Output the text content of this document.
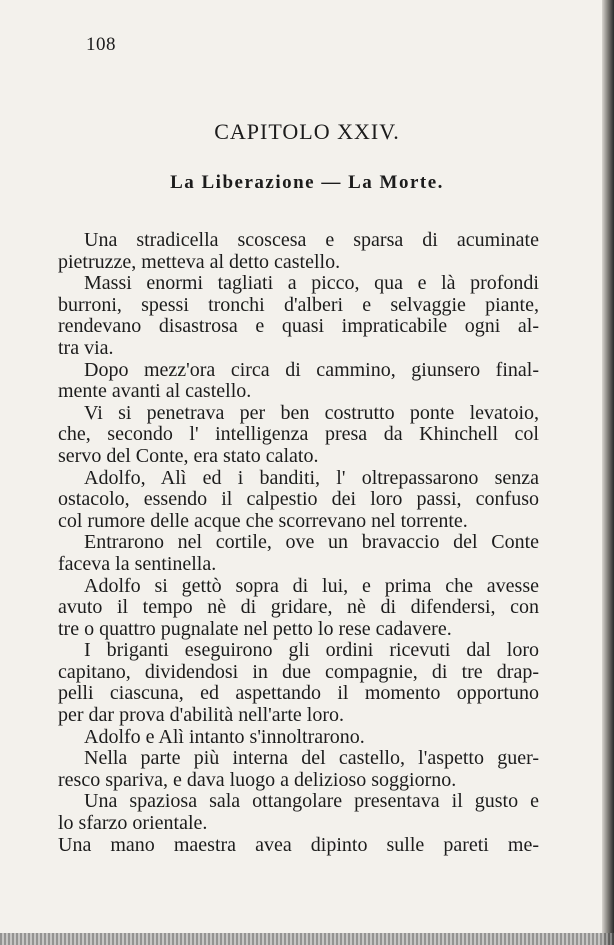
108
CAPITOLO XXIV.
La Liberazione — La Morte.
Una stradicella scoscesa e sparsa di acuminate
pietruzze, metteva al detto castello.
Massi enormi tagliati a picco, qua e là profondi
burroni, spessi tronchi d'alberi e selvaggie piante,
rendevano disastrosa e quasi impraticabile ogni al-
tra via.
Dopo mezz'ora circa di cammino, giunsero final-
mente avanti al castello.
Vi si penetrava per ben costrutto ponte levatoio,
che, secondo l' intelligenza presa da Khinchell col
servo del Conte, era stato calato.
Adolfo, Alì ed i banditi, l' oltrepassarono senza
ostacolo, essendo il calpestio dei loro passi, confuso
col rumore delle acque che scorrevano nel torrente.
Entrarono nel cortile, ove un bravaccio del Conte
faceva la sentinella.
Adolfo si gettò sopra di lui, e prima che avesse
avuto il tempo nè di gridare, nè di difendersi, con
tre o quattro pugnalate nel petto lo rese cadavere.
I briganti eseguirono gli ordini ricevuti dal loro
capitano, dividendosi in due compagnie, di tre drap-
pelli ciascuna, ed aspettando il momento opportuno
per dar prova d'abilità nell'arte loro.
Adolfo e Alì intanto s'innoltrarono.
Nella parte più interna del castello, l'aspetto guer-
resco spariva, e dava luogo a delizioso soggiorno.
Una spaziosa sala ottangolare presentava il gusto e
lo sfarzo orientale.
Una mano maestra avea dipinto sulle pareti me-
